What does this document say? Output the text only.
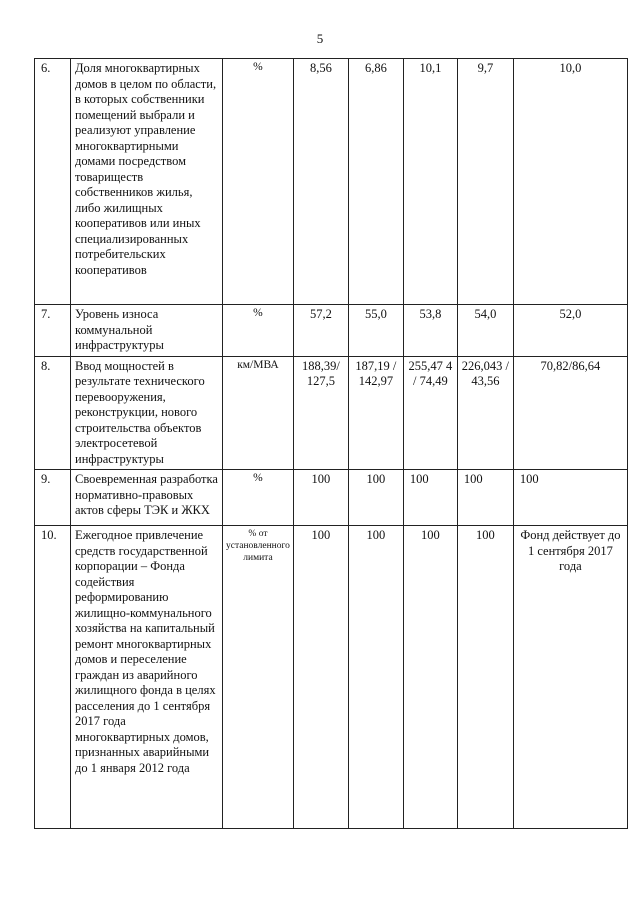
5
6.	Доля многоквартирных домов в целом по области, в которых собственники помещений выбрали и реализуют управление многоквартирными домами посредством товариществ собственников жилья, либо жилищных кооперативов или иных специализированных потребительских кооперативов	%	8,56	6,86	10,1	9,7	10,0
7.	Уровень износа коммунальной инфраструктуры	%	57,2	55,0	53,8	54,0	52,0
8.	Ввод мощностей в результате технического перевооружения, реконструкции, нового строительства объектов электросетевой инфраструктуры	км/МВА	188,39/ 127,5	187,19 / 142,97	255,47 4 / 74,49	226,043 / 43,56	70,82/86,64
9.	Своевременная разработка нормативно-правовых актов сферы ТЭК и ЖКХ	%	100	100	100	100	100
10.	Ежегодное привлечение средств государственной корпорации – Фонда содействия реформированию жилищно-коммунального хозяйства на капитальный ремонт многоквартирных домов и переселение граждан из аварийного жилищного фонда в целях расселения до 1 сентября 2017 года многоквартирных домов, признанных аварийными до 1 января 2012 года	% от установленного лимита	100	100	100	100	Фонд действует до 1 сентября 2017 года
